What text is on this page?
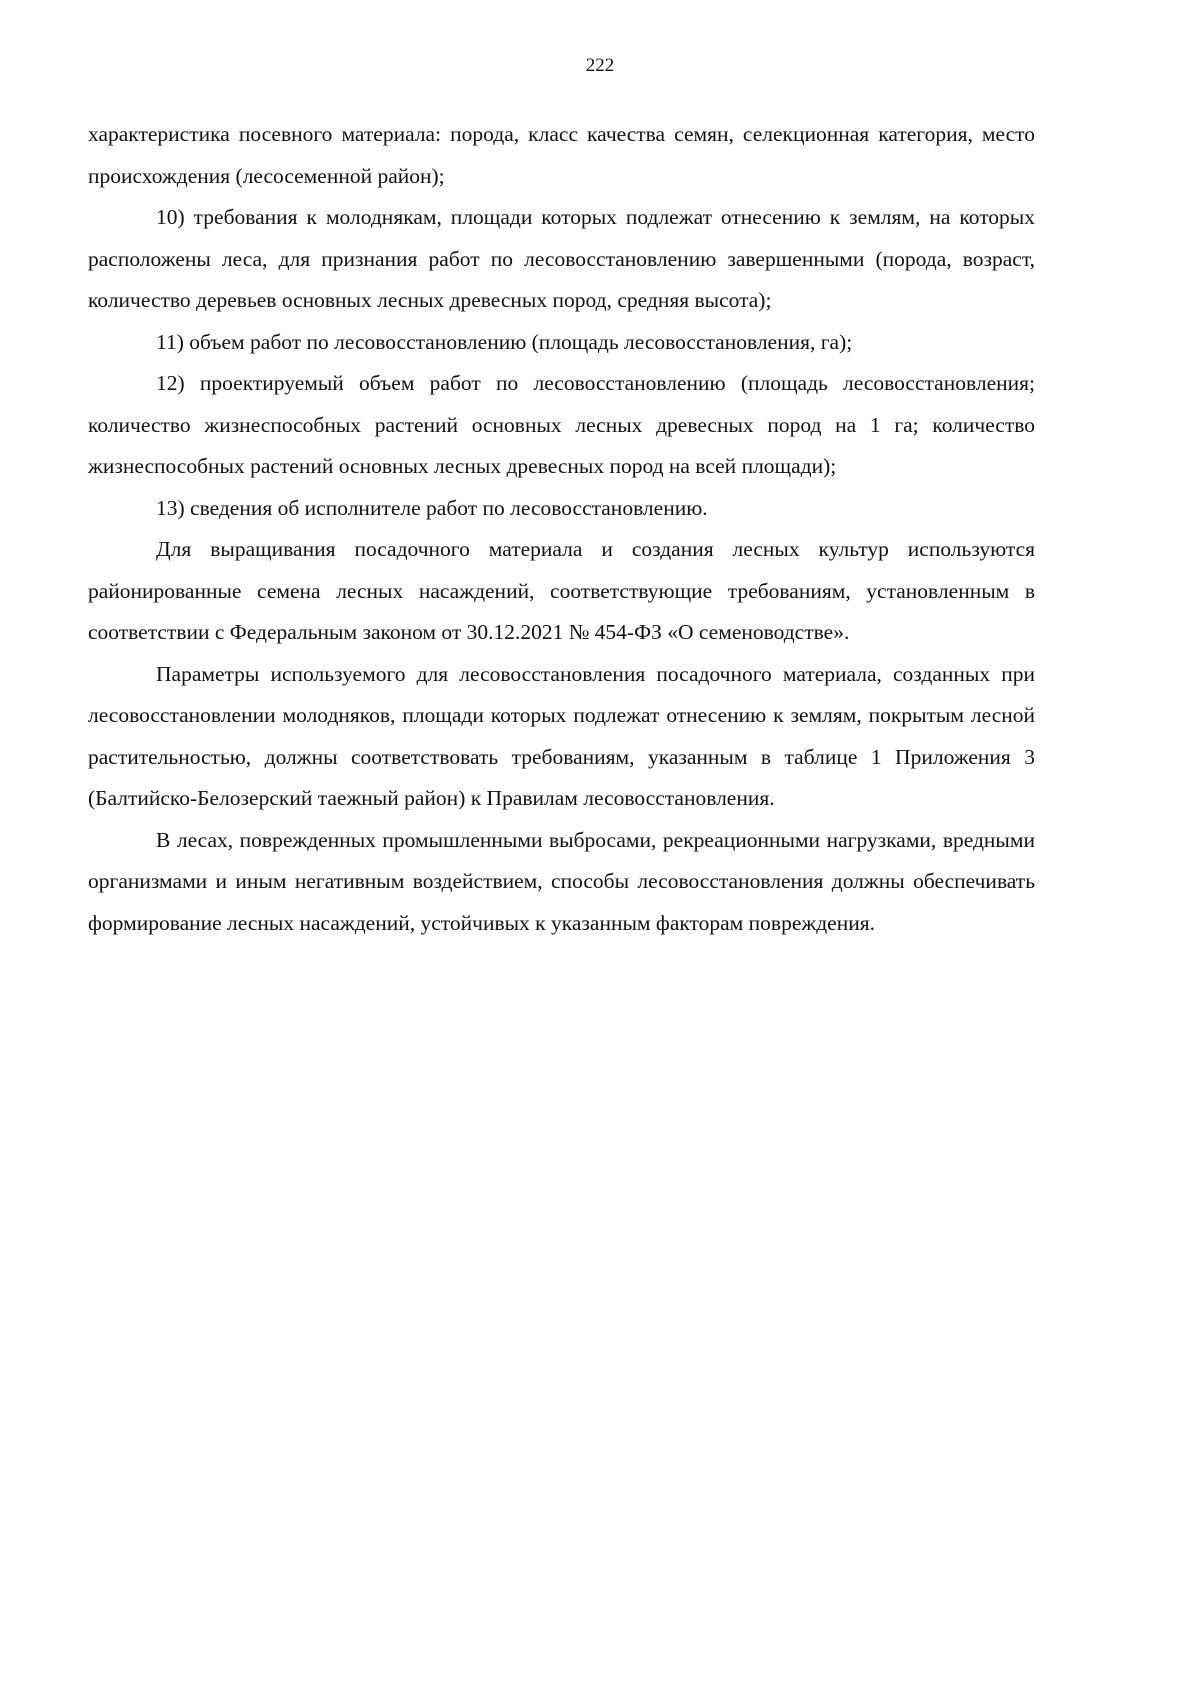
222

характеристика посевного материала: порода, класс качества семян, селекционная категория, место происхождения (лесосеменной район);

10) требования к молоднякам, площади которых подлежат отнесению к землям, на которых расположены леса, для признания работ по лесовосстановлению завершенными (порода, возраст, количество деревьев основных лесных древесных пород, средняя высота);

11) объем работ по лесовосстановлению (площадь лесовосстановления, га);

12) проектируемый объем работ по лесовосстановлению (площадь лесовосстановления; количество жизнеспособных растений основных лесных древесных пород на 1 га; количество жизнеспособных растений основных лесных древесных пород на всей площади);

13) сведения об исполнителе работ по лесовосстановлению.

Для выращивания посадочного материала и создания лесных культур используются районированные семена лесных насаждений, соответствующие требованиям, установленным в соответствии с Федеральным законом от 30.12.2021 № 454-ФЗ «О семеноводстве».

Параметры используемого для лесовосстановления посадочного материала, созданных при лесовосстановлении молодняков, площади которых подлежат отнесению к землям, покрытым лесной растительностью, должны соответствовать требованиям, указанным в таблице 1 Приложения 3 (Балтийско-Белозерский таежный район) к Правилам лесовосстановления.

В лесах, поврежденных промышленными выбросами, рекреационными нагрузками, вредными организмами и иным негативным воздействием, способы лесовосстановления должны обеспечивать формирование лесных насаждений, устойчивых к указанным факторам повреждения.
